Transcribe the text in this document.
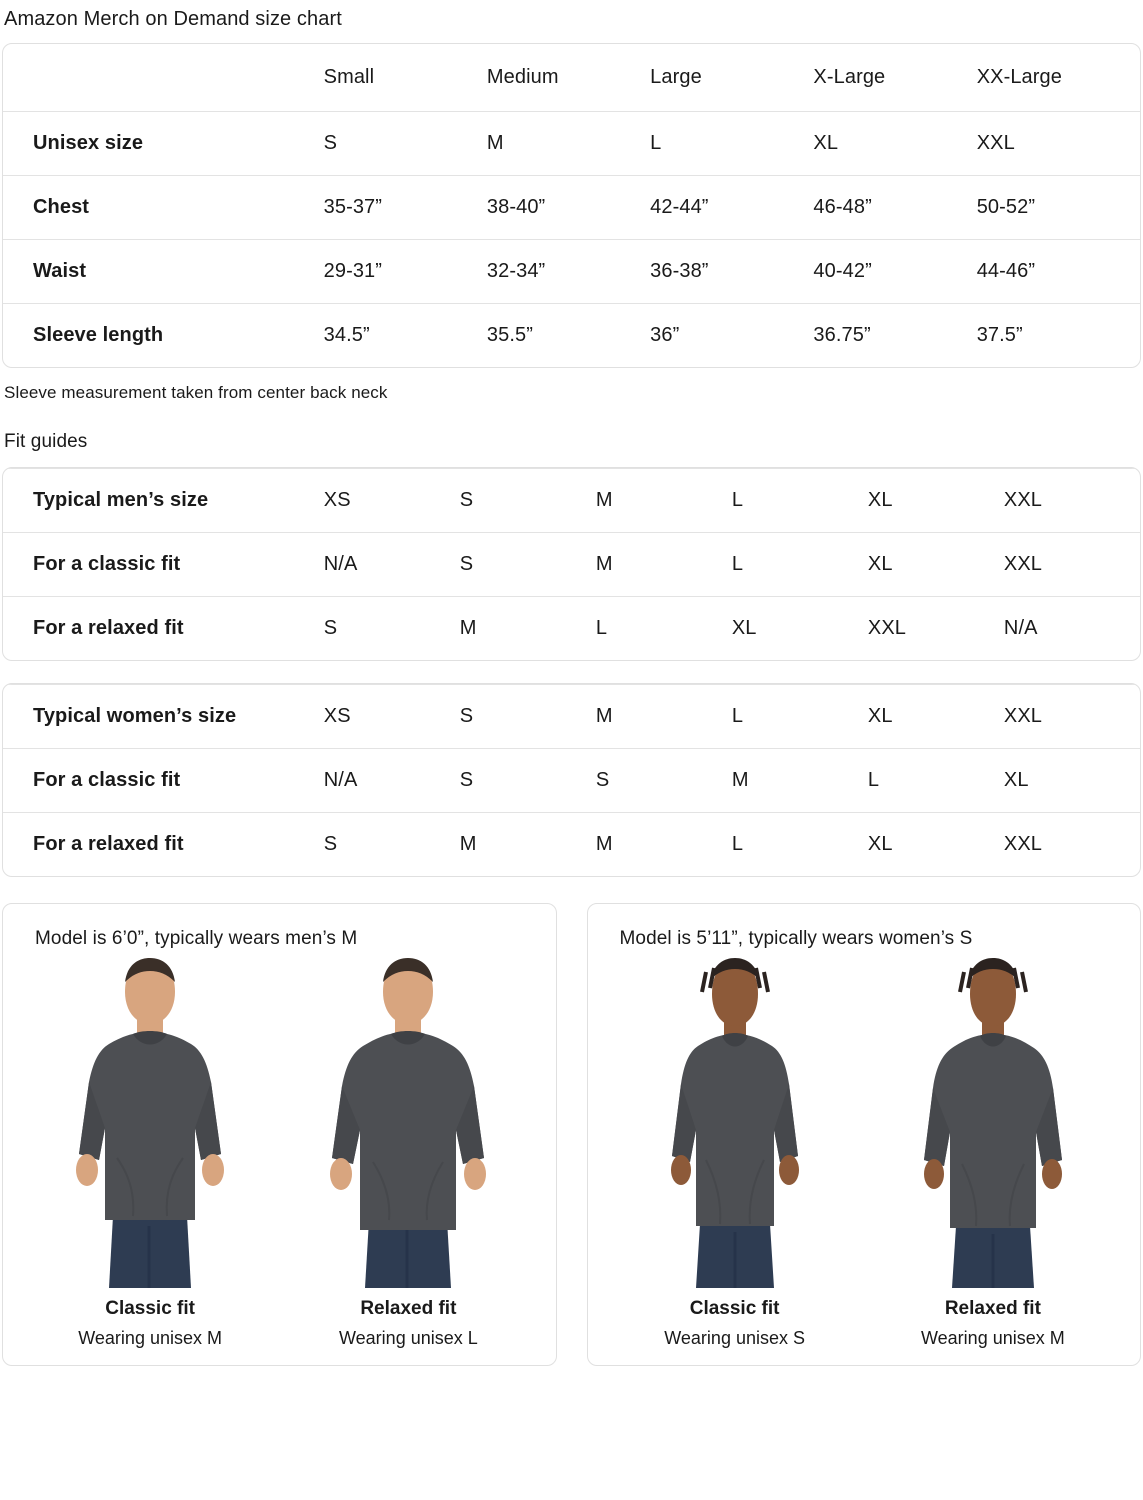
Amazon Merch on Demand size chart
	Small	Medium	Large	X-Large	XX-Large
Unisex size	S	M	L	XL	XXL
Chest	35-37”	38-40”	42-44”	46-48”	50-52”
Waist	29-31”	32-34”	36-38”	40-42”	44-46”
Sleeve length	34.5”	35.5”	36”	36.75”	37.5”
Sleeve measurement taken from center back neck
Fit guides
Typical men’s size	XS	S	M	L	XL	XXL
For a classic fit	N/A	S	M	L	XL	XXL
For a relaxed fit	S	M	L	XL	XXL	N/A
Typical women’s size	XS	S	M	L	XL	XXL
For a classic fit	N/A	S	S	M	L	XL
For a relaxed fit	S	M	M	L	XL	XXL
Model is 6’0”, typically wears men’s M
Classic fit
Wearing unisex M
Relaxed fit
Wearing unisex L
Model is 5’11”, typically wears women’s S
Classic fit
Wearing unisex S
Relaxed fit
Wearing unisex M
